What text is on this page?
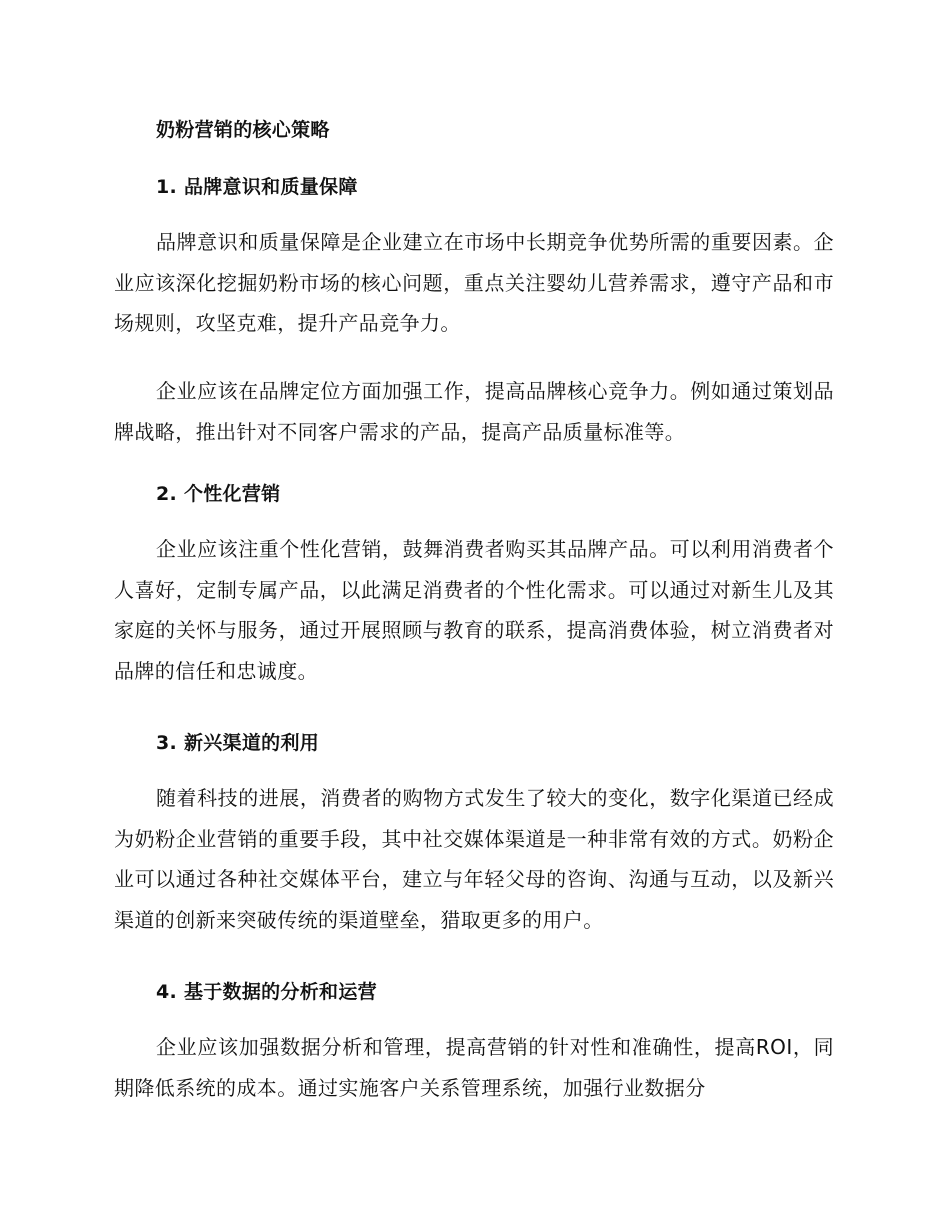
奶粉营销的核心策略
1. 品牌意识和质量保障

品牌意识和质量保障是企业建立在市场中长期竞争优势所需的重要因素。企业应该深化挖掘奶粉市场的核心问题，重点关注婴幼儿营养需求，遵守产品和市场规则，攻坚克难，提升产品竞争力。

企业应该在品牌定位方面加强工作，提高品牌核心竞争力。例如通过策划品牌战略，推出针对不同客户需求的产品，提高产品质量标准等。

2. 个性化营销

企业应该注重个性化营销，鼓舞消费者购买其品牌产品。可以利用消费者个人喜好，定制专属产品，以此满足消费者的个性化需求。可以通过对新生儿及其家庭的关怀与服务，通过开展照顾与教育的联系，提高消费体验，树立消费者对品牌的信任和忠诚度。

3. 新兴渠道的利用

随着科技的进展，消费者的购物方式发生了较大的变化，数字化渠道已经成为奶粉企业营销的重要手段，其中社交媒体渠道是一种非常有效的方式。奶粉企业可以通过各种社交媒体平台，建立与年轻父母的咨询、沟通与互动，以及新兴渠道的创新来突破传统的渠道壁垒，猎取更多的用户。

4. 基于数据的分析和运营

企业应该加强数据分析和管理，提高营销的针对性和准确性，提高ROI，同期降低系统的成本。通过实施客户关系管理系统，加强行业数据分
